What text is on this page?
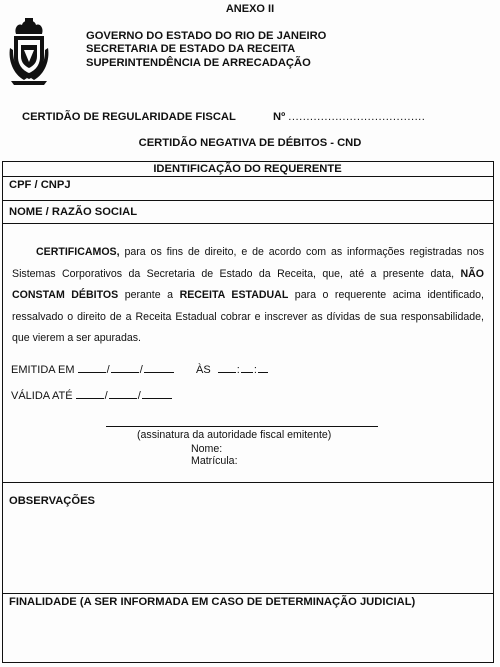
ANEXO II
GOVERNO DO ESTADO DO RIO DE JANEIRO
SECRETARIA DE ESTADO DA RECEITA
SUPERINTENDÊNCIA DE ARRECADAÇÃO
CERTIDÃO DE REGULARIDADE FISCAL	Nº ......................................
CERTIDÃO NEGATIVA DE DÉBITOS - CND
IDENTIFICAÇÃO DO REQUERENTE
CPF / CNPJ
NOME / RAZÃO SOCIAL
CERTIFICAMOS, para os fins de direito, e de acordo com as informações registradas nos Sistemas Corporativos da Secretaria de Estado da Receita, que, até a presente data, NÃO CONSTAM DÉBITOS perante a RECEITA ESTADUAL para o requerente acima identificado, ressalvado o direito de a Receita Estadual cobrar e inscrever as dívidas de sua responsabilidade, que vierem a ser apuradas.
EMITIDA EM	/	/	ÀS : :
VÁLIDA ATÉ	/	/
(assinatura da autoridade fiscal emitente)
Nome:
Matrícula:
OBSERVAÇÕES
FINALIDADE (A SER INFORMADA EM CASO DE DETERMINAÇÃO JUDICIAL)
